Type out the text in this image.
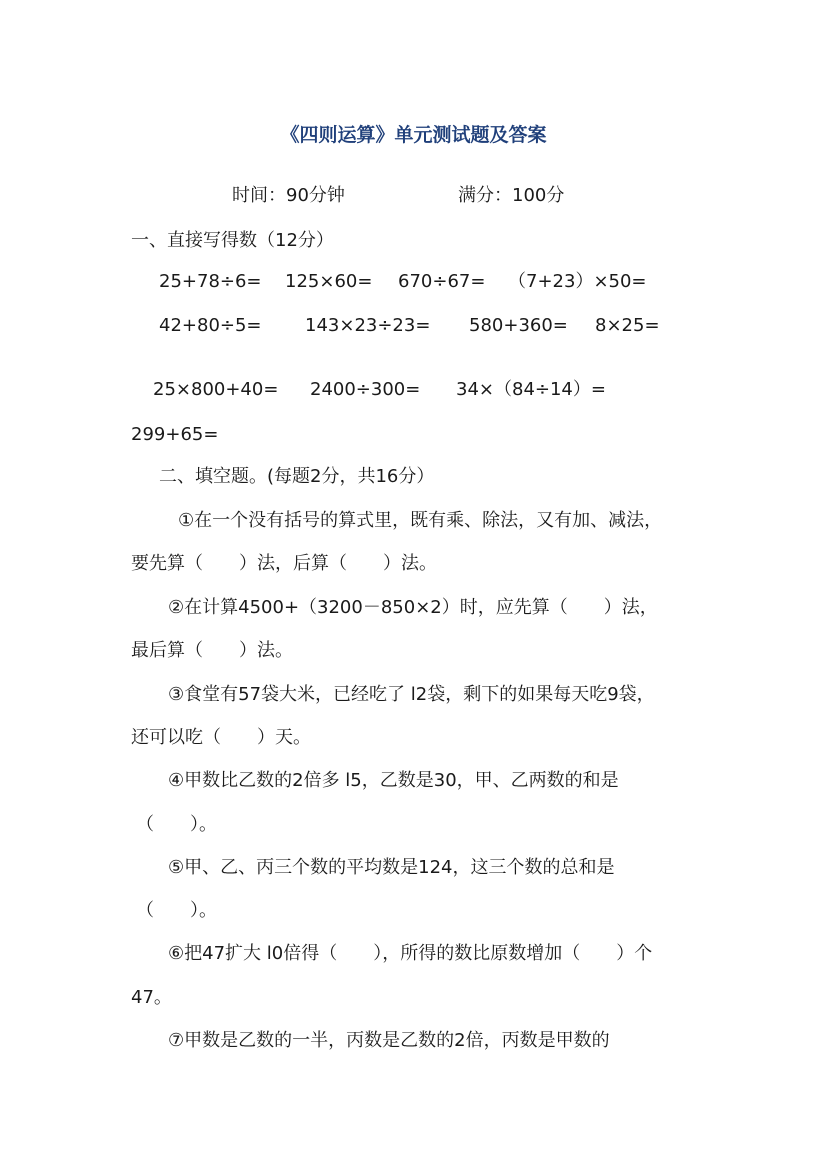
《四则运算》单元测试题及答案
时间：90分钟	满分：100分
一、直接写得数（12分）
25+78÷6= 125×60= 670÷67= （7+23）×50=
42+80÷5= 143×23÷23= 580+360= 8×25=
25×800+40= 2400÷300= 34×（84÷14）=
299+65=
二、填空题。(每题2分，共16分）
①在一个没有括号的算式里，既有乘、除法，又有加、减法，
要先算（　　）法，后算（　　）法。
②在计算4500+（3200－850×2）时，应先算（　　）法，
最后算（　　）法。
③食堂有57袋大米，已经吃了 l2袋，剩下的如果每天吃9袋，
还可以吃（　　）天。
④甲数比乙数的2倍多 l5，乙数是30，甲、乙两数的和是
（　　）。
⑤甲、乙、丙三个数的平均数是124，这三个数的总和是
（　　）。
⑥把47扩大 l0倍得（　　），所得的数比原数增加（　　）个
47。
⑦甲数是乙数的一半，丙数是乙数的2倍，丙数是甲数的
